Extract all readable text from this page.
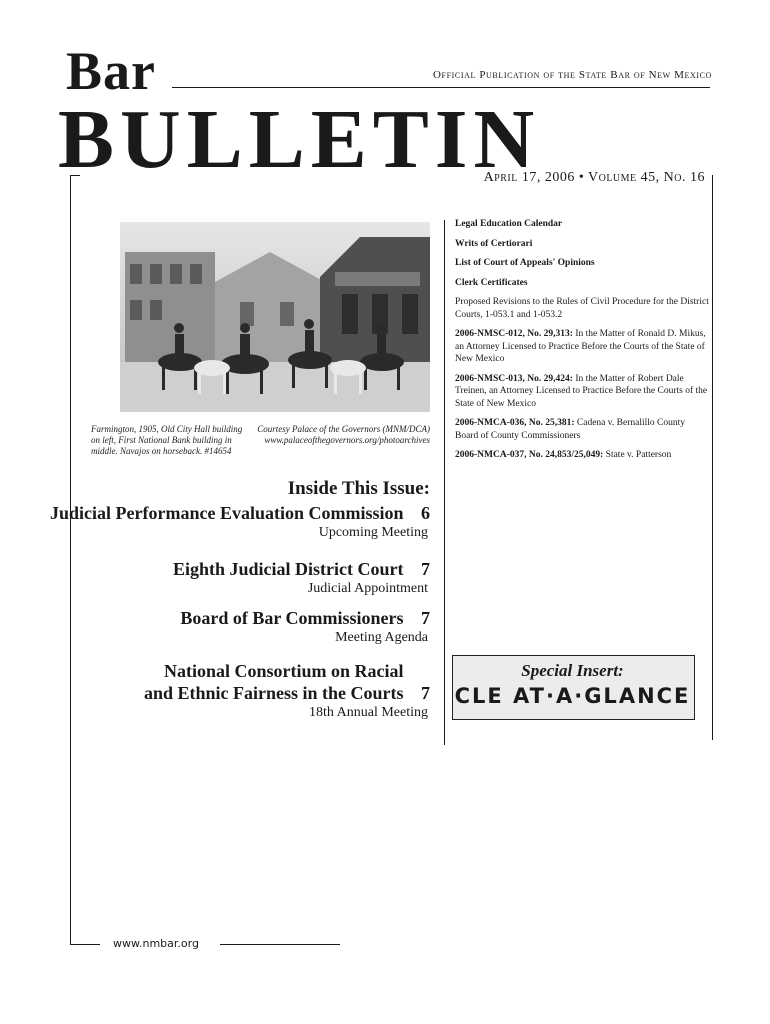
Bar	Official Publication of the State Bar of New Mexico
BULLETIN
April 17, 2006 • Volume 45, No. 16
Farmington, 1905, Old City Hall building on left, First National Bank building in middle. Navajos on horseback. #14654
Courtesy Palace of the Governors (MNM/DCA) www.palaceofthegovernors.org/photoarchives
Inside This Issue:
Judicial Performance Evaluation Commission 6
Upcoming Meeting
Eighth Judicial District Court 7
Judicial Appointment
Board of Bar Commissioners 7
Meeting Agenda
National Consortium on Racial
and Ethnic Fairness in the Courts 7
18th Annual Meeting
Legal Education Calendar
Writs of Certiorari
List of Court of Appeals' Opinions
Clerk Certificates
Proposed Revisions to the Rules of Civil Procedure for the District Courts, 1-053.1 and 1-053.2
2006-NMSC-012, No. 29,313: In the Matter of Ronald D. Mikus, an Attorney Licensed to Practice Before the Courts of the State of New Mexico
2006-NMSC-013, No. 29,424: In the Matter of Robert Dale Treinen, an Attorney Licensed to Practice Before the Courts of the State of New Mexico
2006-NMCA-036, No. 25,381: Cadena v. Bernalillo County Board of County Commissioners
2006-NMCA-037, No. 24,853/25,049: State v. Patterson
Special Insert:
CLE AT·A·GLANCE
www.nmbar.org
